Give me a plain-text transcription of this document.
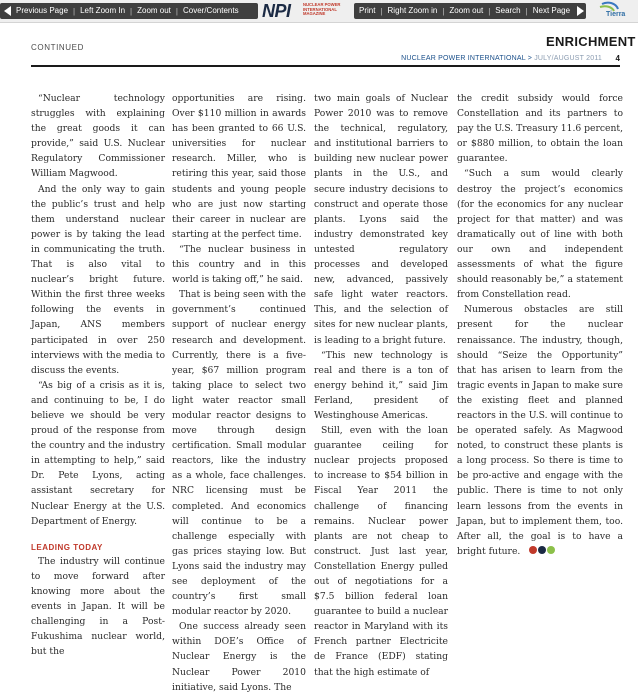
Previous Page | Left Zoom In | Zoom out | Cover/Contents NPI	NUCLEAR POWER INTERNATIONAL MAGAZINE	Print | Right Zoom in | Zoom out | Search | Next Page	Tierra
CONTINUED	ENRICHMENT
NUCLEAR POWER INTERNATIONAL > JULY/AUGUST 2011 4

“Nuclear technology struggles with explaining the great goods it can provide,” said U.S. Nuclear Regulatory Commissioner William Magwood.

And the only way to gain the public’s trust and help them understand nuclear power is by taking the lead in communicating the truth. That is also vital to nuclear’s bright future. Within the first three weeks following the events in Japan, ANS members participated in over 250 interviews with the media to discuss the events.

“As big of a crisis as it is, and continuing to be, I do believe we should be very proud of the response from the country and the industry in attempting to help,” said Dr. Pete Lyons, acting assistant secretary for Nuclear Energy at the U.S. Department of Energy.

LEADING TODAY

The industry will continue to move forward after knowing more about the events in Japan. It will be challenging in a Post-Fukushima nuclear world, but the

opportunities are rising. Over $110 million in awards has been granted to 66 U.S. universities for nuclear research. Miller, who is retiring this year, said those students and young people who are just now starting their career in nuclear are starting at the perfect time.

“The nuclear business in this country and in this world is taking off,” he said.

That is being seen with the government’s continued support of nuclear energy research and development. Currently, there is a five-year, $67 million program taking place to select two light water reactor small modular reactor designs to move through design certification. Small modular reactors, like the industry as a whole, face challenges. NRC licensing must be completed. And economics will continue to be a challenge especially with gas prices staying low. But Lyons said the industry may see deployment of the country’s first small modular reactor by 2020.

One success already seen within DOE’s Office of Nuclear Energy is the Nuclear Power 2010 initiative, said Lyons. The

two main goals of Nuclear Power 2010 was to remove the technical, regulatory, and institutional barriers to building new nuclear power plants in the U.S., and secure industry decisions to construct and operate those plants. Lyons said the industry demonstrated key untested regulatory processes and developed new, advanced, passively safe light water reactors. This, and the selection of sites for new nuclear plants, is leading to a bright future.

“This new technology is real and there is a ton of energy behind it,” said Jim Ferland, president of Westinghouse Americas.

Still, even with the loan guarantee ceiling for nuclear projects proposed to increase to $54 billion in Fiscal Year 2011 the challenge of financing remains. Nuclear power plants are not cheap to construct. Just last year, Constellation Energy pulled out of negotiations for a $7.5 billion federal loan guarantee to build a nuclear reactor in Maryland with its French partner Electricite de France (EDF) stating that the high estimate of

the credit subsidy would force Constellation and its partners to pay the U.S. Treasury 11.6 percent, or $880 million, to obtain the loan guarantee.

“Such a sum would clearly destroy the project’s economics (for the economics for any nuclear project for that matter) and was dramatically out of line with both our own and independent assessments of what the figure should reasonably be,” a statement from Constellation read.

Numerous obstacles are still present for the nuclear renaissance. The industry, though, should “Seize the Opportunity” that has arisen to learn from the tragic events in Japan to make sure the existing fleet and planned reactors in the U.S. will continue to be operated safely. As Magwood noted, to construct these plants is a long process. So there is time to be pro-active and engage with the public. There is time to not only learn lessons from the events in Japan, but to implement them, too. After all, the goal is to have a bright future.
